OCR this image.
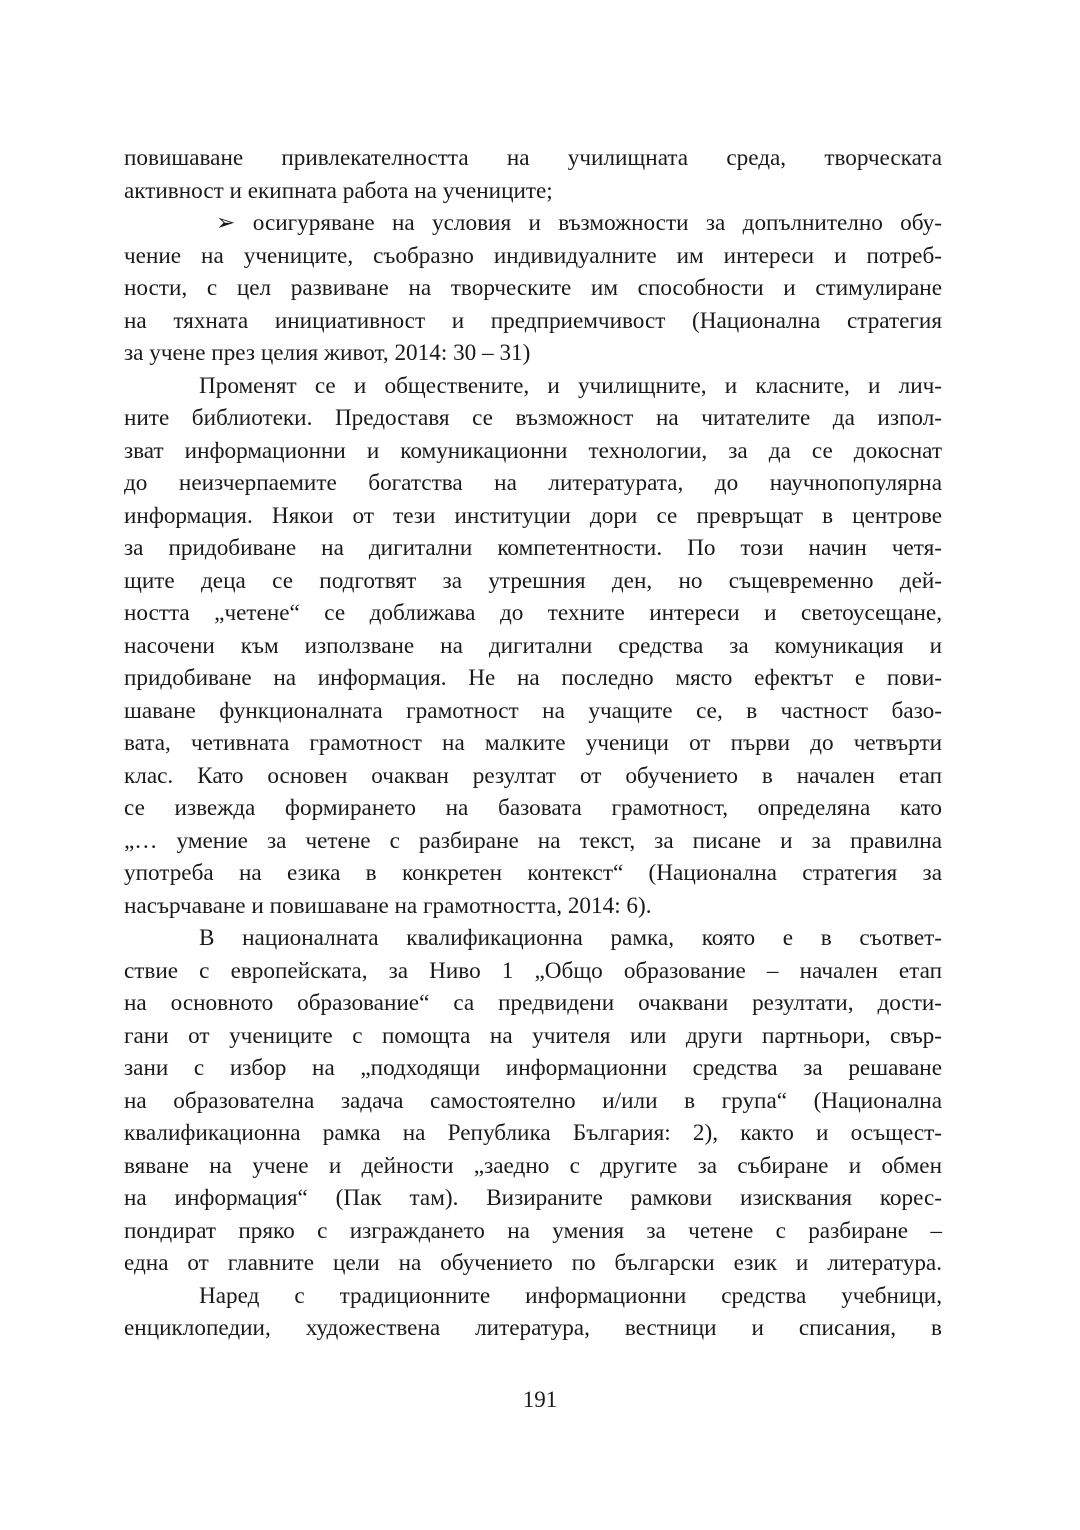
повишаване привлекателността на училищната среда, творческата
активност и екипната работа на учениците;
➢ осигуряване на условия и възможности за допълнително обу-
чение на учениците, съобразно индивидуалните им интереси и потреб-
ности, с цел развиване на творческите им способности и стимулиране
на тяхната инициативност и предприемчивост (Национална стратегия
за учене през целия живот, 2014: 30 – 31)
Променят се и обществените, и училищните, и класните, и лич-
ните библиотеки. Предоставя се възможност на читателите да изпол-
зват информационни и комуникационни технологии, за да се докоснат
до неизчерпаемите богатства на литературата, до научнопопулярна
информация. Някои от тези институции дори се превръщат в центрове
за придобиване на дигитални компетентности. По този начин четя-
щите деца се подготвят за утрешния ден, но същевременно дей-
ността „четене“ се доближава до техните интереси и светоусещане,
насочени към използване на дигитални средства за комуникация и
придобиване на информация. Не на последно място ефектът е пови-
шаване функционалната грамотност на учащите се, в частност базо-
вата, четивната грамотност на малките ученици от първи до четвърти
клас. Като основен очакван резултат от обучението в начален етап
се извежда формирането на базовата грамотност, определяна като
„… умение за четене с разбиране на текст, за писане и за правилна
употреба на езика в конкретен контекст“ (Национална стратегия за
насърчаване и повишаване на грамотността, 2014: 6).
В националната квалификационна рамка, която е в съответ-
ствие с европейската, за Ниво 1 „Общо образование – начален етап
на основното образование“ са предвидени очаквани резултати, дости-
гани от учениците с помощта на учителя или други партньори, свър-
зани с избор на „подходящи информационни средства за решаване
на образователна задача самостоятелно и/или в група“ (Национална
квалификационна рамка на Република България: 2), както и осъщест-
вяване на учене и дейности „заедно с другите за събиране и обмен
на информация“ (Пак там). Визираните рамкови изисквания корес-
пондират пряко с изграждането на умения за четене с разбиране –
една от главните цели на обучението по български език и литература.
Наред с традиционните информационни средства учебници,
енциклопедии, художествена литература, вестници и списания, в
191
